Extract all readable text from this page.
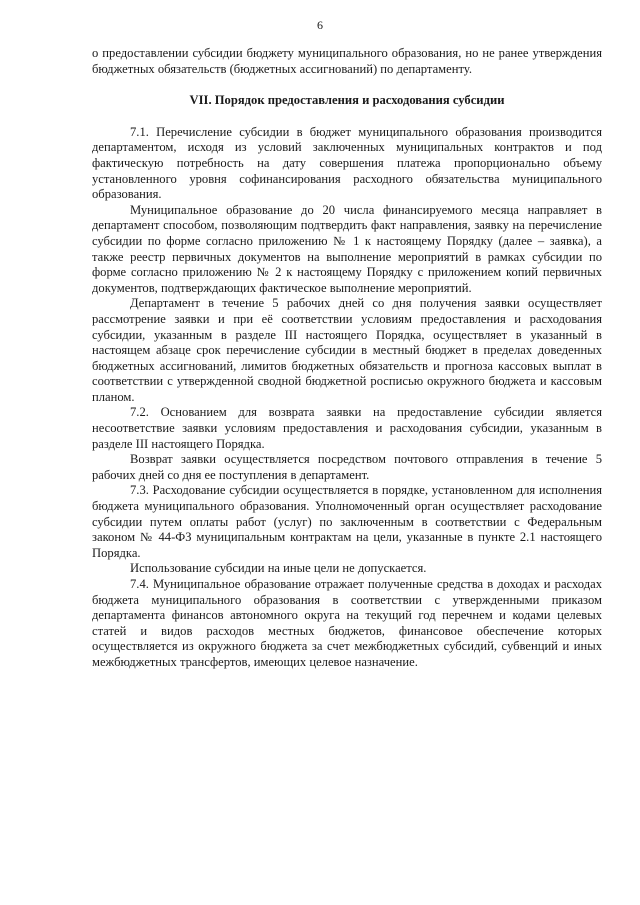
6

о предоставлении субсидии бюджету муниципального образования, но не ранее утверждения бюджетных обязательств (бюджетных ассигнований) по департаменту.

VII. Порядок предоставления и расходования субсидии

7.1. Перечисление субсидии в бюджет муниципального образования производится департаментом, исходя из условий заключенных муниципальных контрактов и под фактическую потребность на дату совершения платежа пропорционально объему установленного уровня софинансирования расходного обязательства муниципального образования.

Муниципальное образование до 20 числа финансируемого месяца направляет в департамент способом, позволяющим подтвердить факт направления, заявку на перечисление субсидии по форме согласно приложению № 1 к настоящему Порядку (далее – заявка), а также реестр первичных документов на выполнение мероприятий в рамках субсидии по форме согласно приложению № 2 к настоящему Порядку с приложением копий первичных документов, подтверждающих фактическое выполнение мероприятий.

Департамент в течение 5 рабочих дней со дня получения заявки осуществляет рассмотрение заявки и при её соответствии условиям предоставления и расходования субсидии, указанным в разделе III настоящего Порядка, осуществляет в указанный в настоящем абзаце срок перечисление субсидии в местный бюджет в пределах доведенных бюджетных ассигнований, лимитов бюджетных обязательств и прогноза кассовых выплат в соответствии с утвержденной сводной бюджетной росписью окружного бюджета и кассовым планом.

7.2. Основанием для возврата заявки на предоставление субсидии является несоответствие заявки условиям предоставления и расходования субсидии, указанным в разделе III настоящего Порядка.

Возврат заявки осуществляется посредством почтового отправления в течение 5 рабочих дней со дня ее поступления в департамент.

7.3. Расходование субсидии осуществляется в порядке, установленном для исполнения бюджета муниципального образования. Уполномоченный орган осуществляет расходование субсидии путем оплаты работ (услуг) по заключенным в соответствии с Федеральным законом № 44-ФЗ муниципальным контрактам на цели, указанные в пункте 2.1 настоящего Порядка.

Использование субсидии на иные цели не допускается.

7.4. Муниципальное образование отражает полученные средства в доходах и расходах бюджета муниципального образования в соответствии с утвержденными приказом департамента финансов автономного округа на текущий год перечнем и кодами целевых статей и видов расходов местных бюджетов, финансовое обеспечение которых осуществляется из окружного бюджета за счет межбюджетных субсидий, субвенций и иных межбюджетных трансфертов, имеющих целевое назначение.
